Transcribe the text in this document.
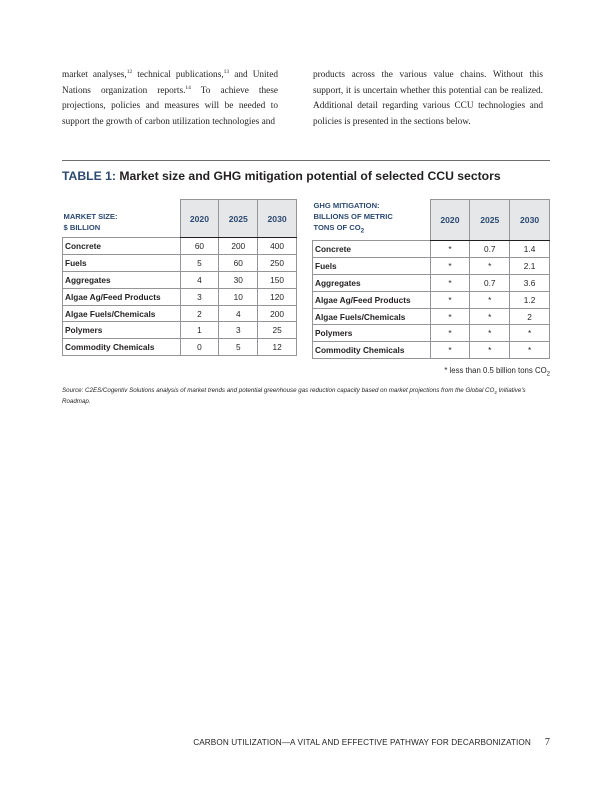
market analyses,$^{12}$ technical publications,$^{13}$ and United Nations organization reports.$^{14}$ To achieve these projections, policies and measures will be needed to support the growth of carbon utilization technologies and
products across the various value chains. Without this support, it is uncertain whether this potential can be realized. Additional detail regarding various CCU technologies and policies is presented in the sections below.
TABLE 1: Market size and GHG mitigation potential of selected CCU sectors
MARKET SIZE:
$ BILLION	2020	2025	2030
Concrete	60	200	400
Fuels	5	60	250
Aggregates	4	30	150
Algae Ag/Feed Products	3	10	120
Algae Fuels/Chemicals	2	4	200
Polymers	1	3	25
Commodity Chemicals	0	5	12
GHG MITIGATION:
BILLIONS OF METRIC
TONS OF $CO_2$	2020	2025	2030
Concrete	*	0.7	1.4
Fuels	*	*	2.1
Aggregates	*	0.7	3.6
Algae Ag/Feed Products	*	*	1.2
Algae Fuels/Chemicals	*	*	2
Polymers	*	*	*
Commodity Chemicals	*	*	*
* less than 0.5 billion tons $CO_2$
Source: C2ES/Cogentiv Solutions analysis of market trends and potential greenhouse gas reduction capacity based on market projections from the Global $CO_2$ Initiative's Roadmap.
CARBON UTILIZATION—A VITAL AND EFFECTIVE PATHWAY FOR DECARBONIZATION 7
